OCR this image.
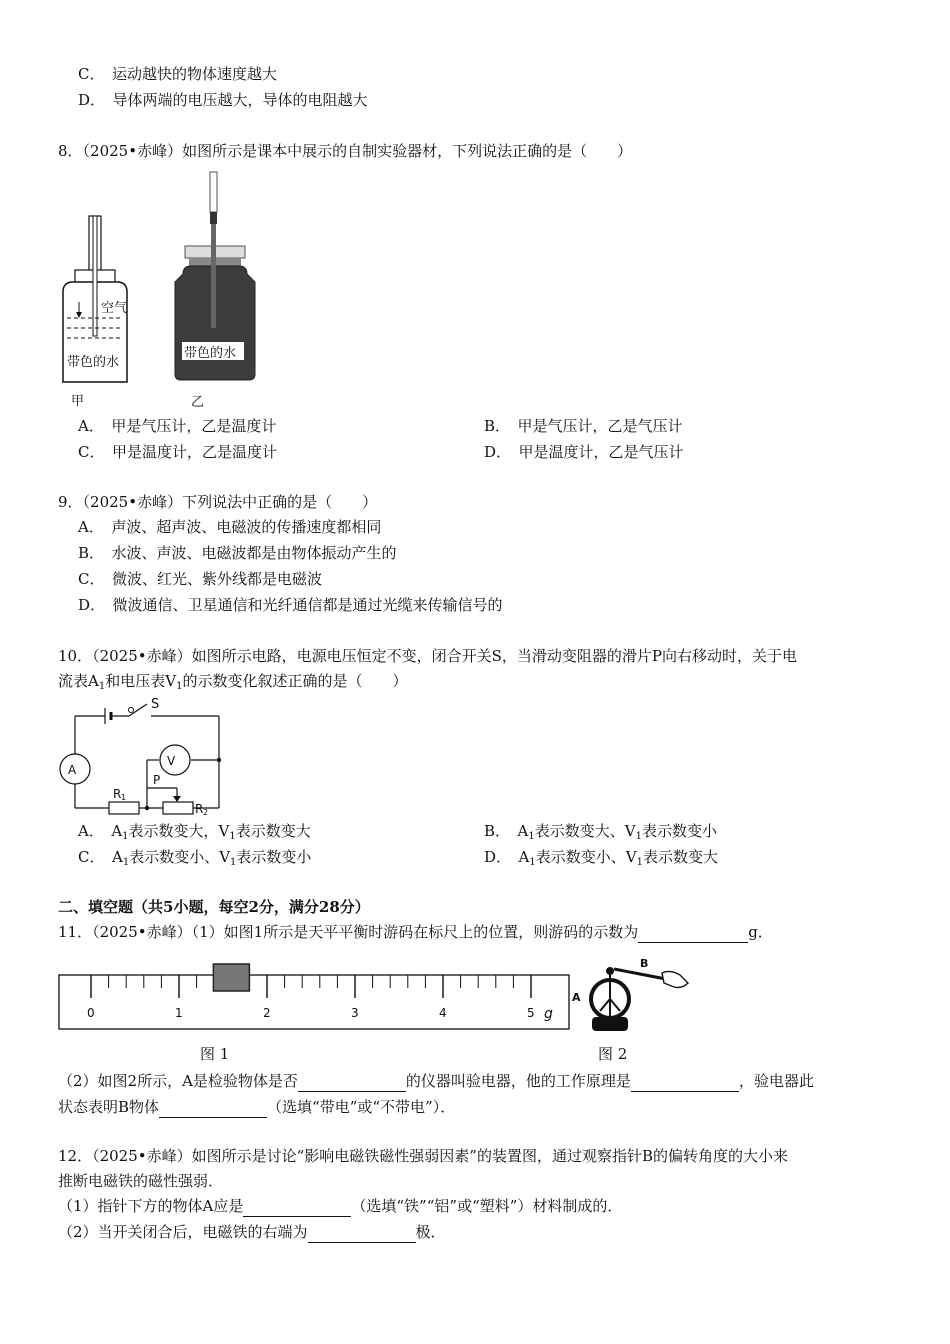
C．　运动越快的物体速度越大
D．　导体两端的电压越大，导体的电阻越大
8．（2025•赤峰）如图所示是课本中展示的自制实验器材，下列说法正确的是（　　）
空气
带色的水
甲
带色的水
乙
A．　甲是气压计，乙是温度计	B．　甲是气压计，乙是气压计
C．　甲是温度计，乙是温度计	D．　甲是温度计，乙是气压计
9．（2025•赤峰）下列说法中正确的是（　　）
A．　声波、超声波、电磁波的传播速度都相同
B．　水波、声波、电磁波都是由物体振动产生的
C．　微波、红光、紫外线都是电磁波
D．　微波通信、卫星通信和光纤通信都是通过光缆来传输信号的
10．（2025•赤峰）如图所示电路，电源电压恒定不变，闭合开关S，当滑动变阻器的滑片P向右移动时，关于电
流表$A_1$和电压表$V_1$的示数变化叙述正确的是（　　）
S
A
V
R 1
P
R 2
A．　$A_1$表示数变大，$V_1$表示数变大	B．　$A_1$表示数变大、$V_1$表示数变小
C．　$A_1$表示数变小、$V_1$表示数变小	D．　$A_1$表示数变小、$V_1$表示数变大
二、填空题（共5小题，每空2分，满分28分）
11．（2025•赤峰）（1）如图1所示是天平平衡时游码在标尺上的位置，则游码的示数为	g．
0	1	2	3	4	5 g
图 1
A
B
图 2
（2）如图2所示，A是检验物体是否	的仪器叫验电器，他的工作原理是	，验电器此
状态表明B物体	（选填“带电”或“不带电”）．
12．（2025•赤峰）如图所示是讨论“影响电磁铁磁性强弱因素”的装置图，通过观察指针B的偏转角度的大小来
推断电磁铁的磁性强弱．
（1）指针下方的物体A应是	（选填“铁”“铝”或“塑料”）材料制成的．
（2）当开关闭合后，电磁铁的右端为	极．
